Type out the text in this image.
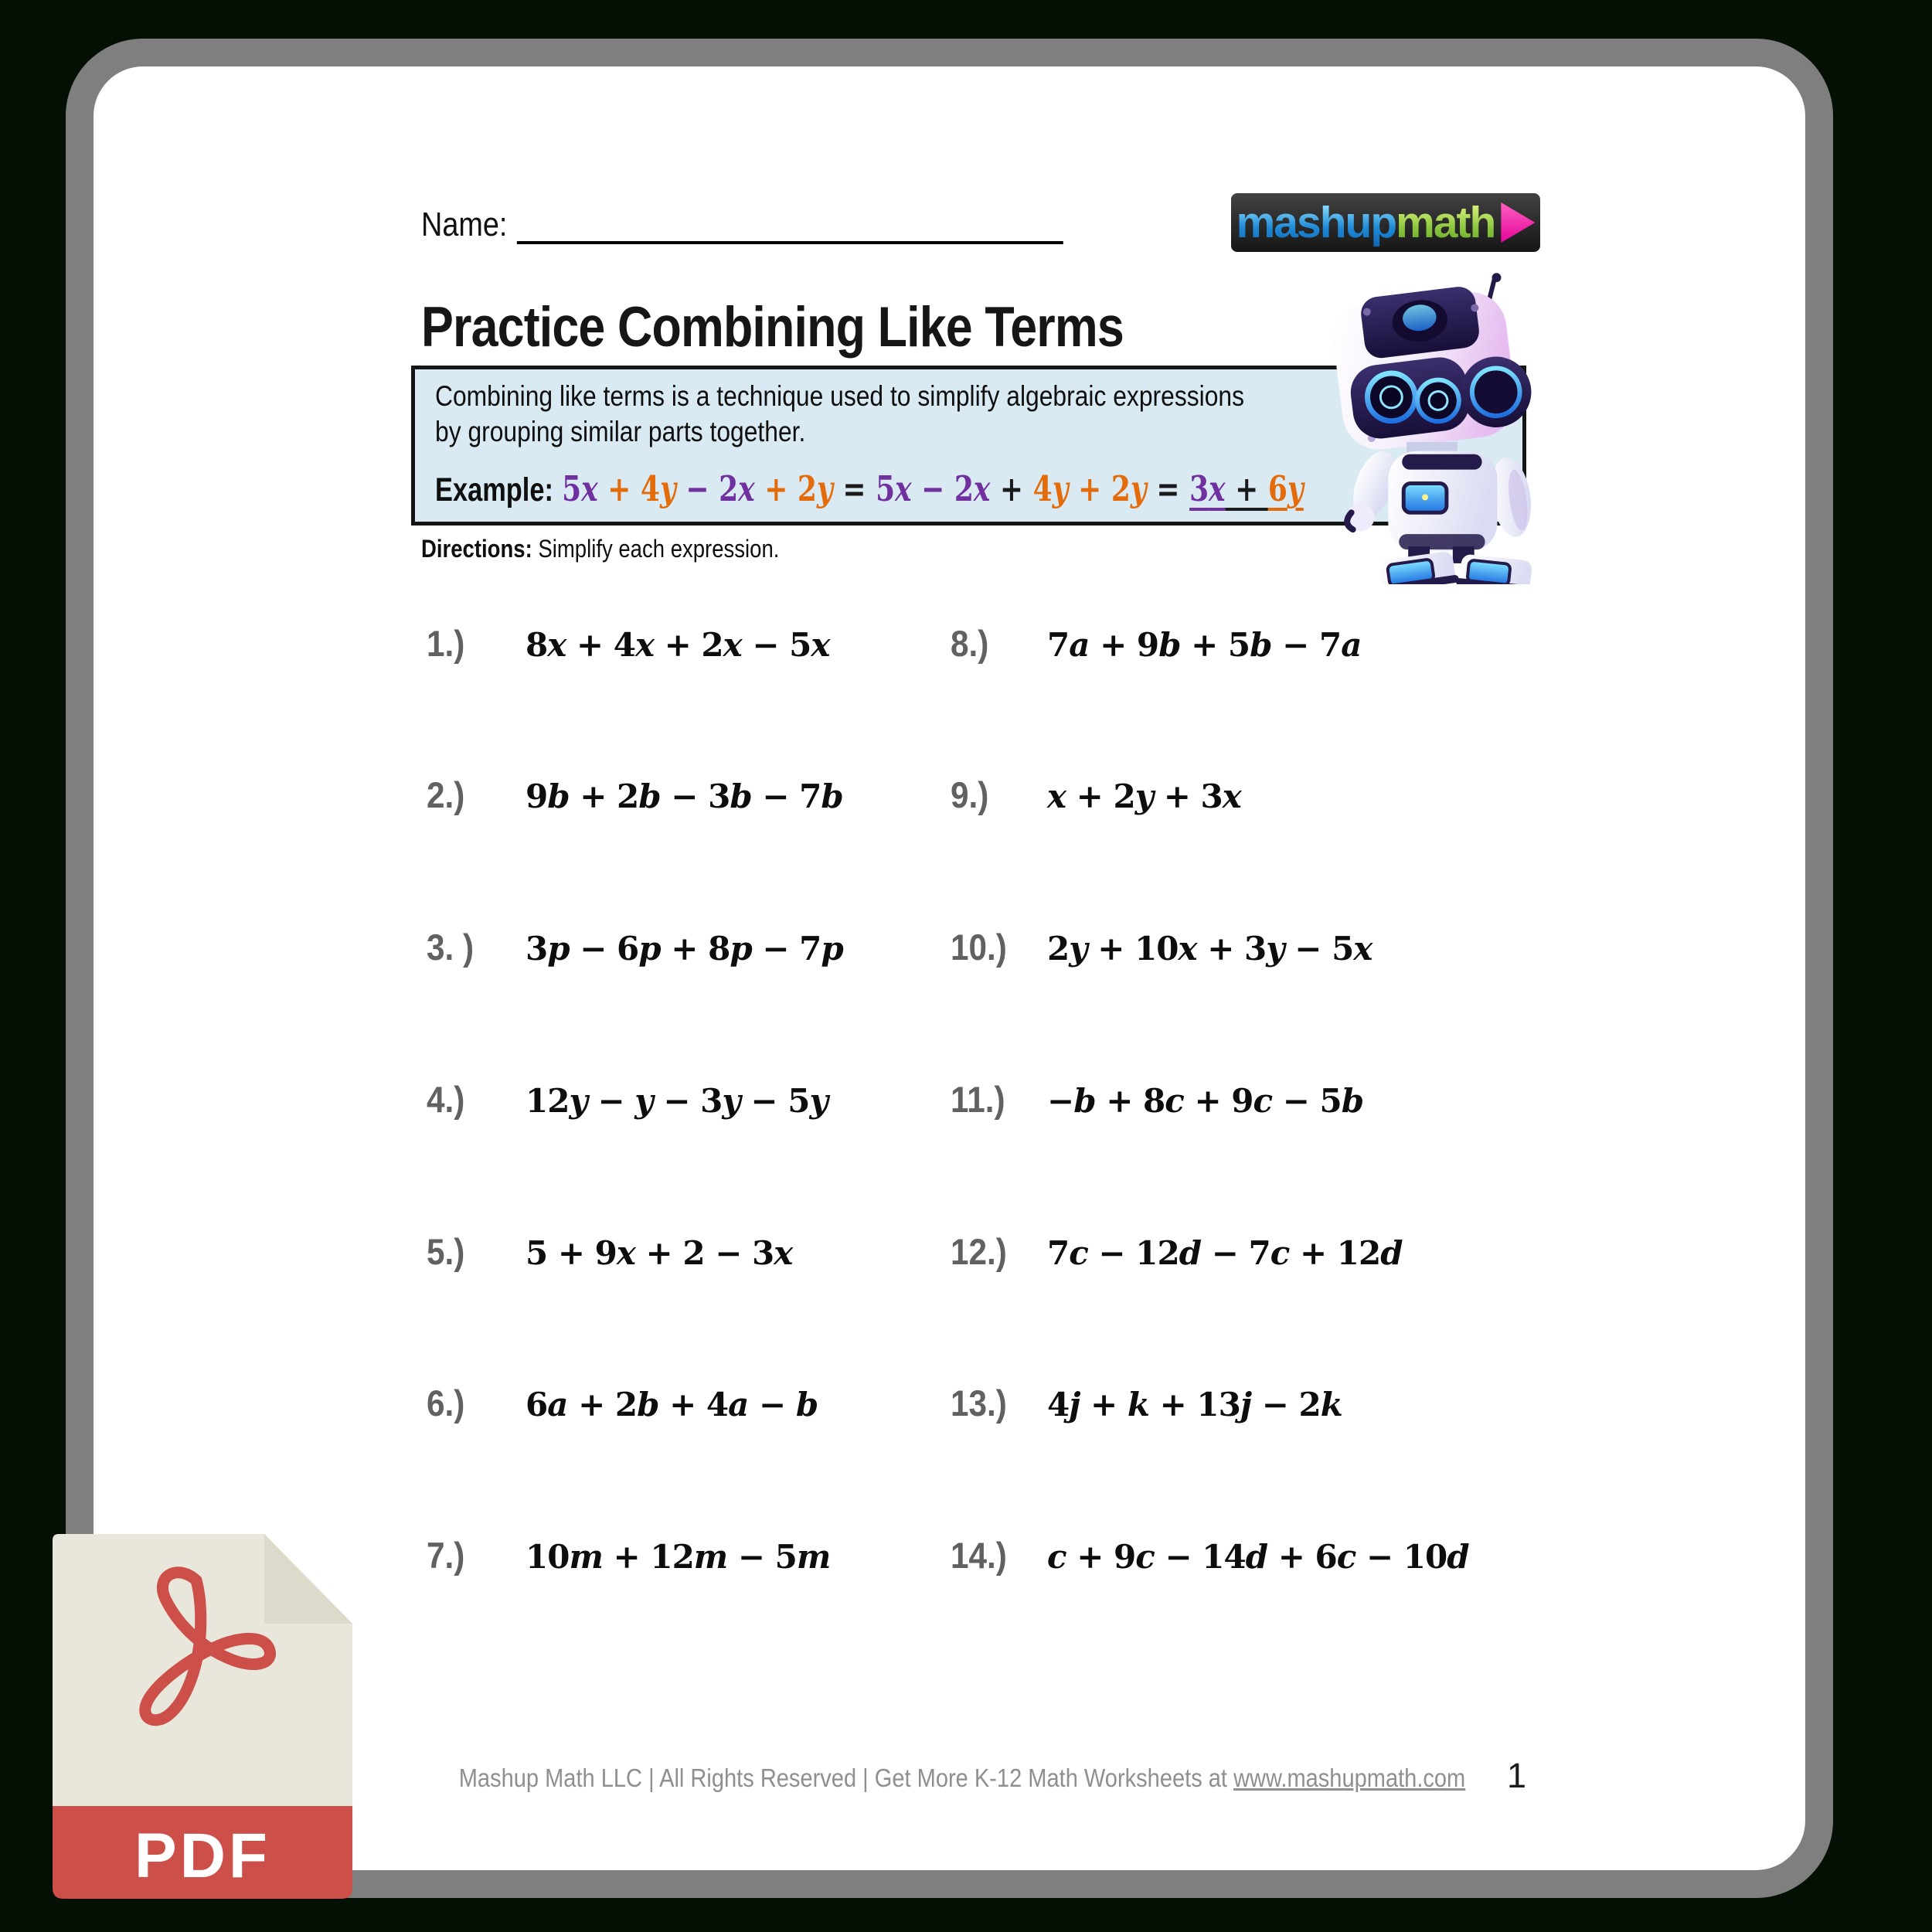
Name:	mashup math
Practice Combining Like Terms
Combining like terms is a technique used to simplify algebraic expressions
by grouping similar parts together.
Example: 5x + 4y − 2x + 2y = 5x − 2x + 4y + 2y = 3x + 6y
Directions: Simplify each expression.
1.) 8x + 4x + 2x − 5x
2.) 9b + 2b − 3b − 7b
3. ) 3p − 6p + 8p − 7p
4.) 12y − y − 3y − 5y
5.) 5 + 9x + 2 − 3x
6.) 6a + 2b + 4a − b
7.) 10m + 12m − 5m
8.) 7a + 9b + 5b − 7a
9.) x + 2y + 3x
10.) 2y + 10x + 3y − 5x
11.) −b + 8c + 9c − 5b
12.) 7c − 12d − 7c + 12d
13.) 4j + k + 13j − 2k
14.) c + 9c − 14d + 6c − 10d
Mashup Math LLC | All Rights Reserved | Get More K-12 Math Worksheets at www.mashupmath.com	1
PDF
